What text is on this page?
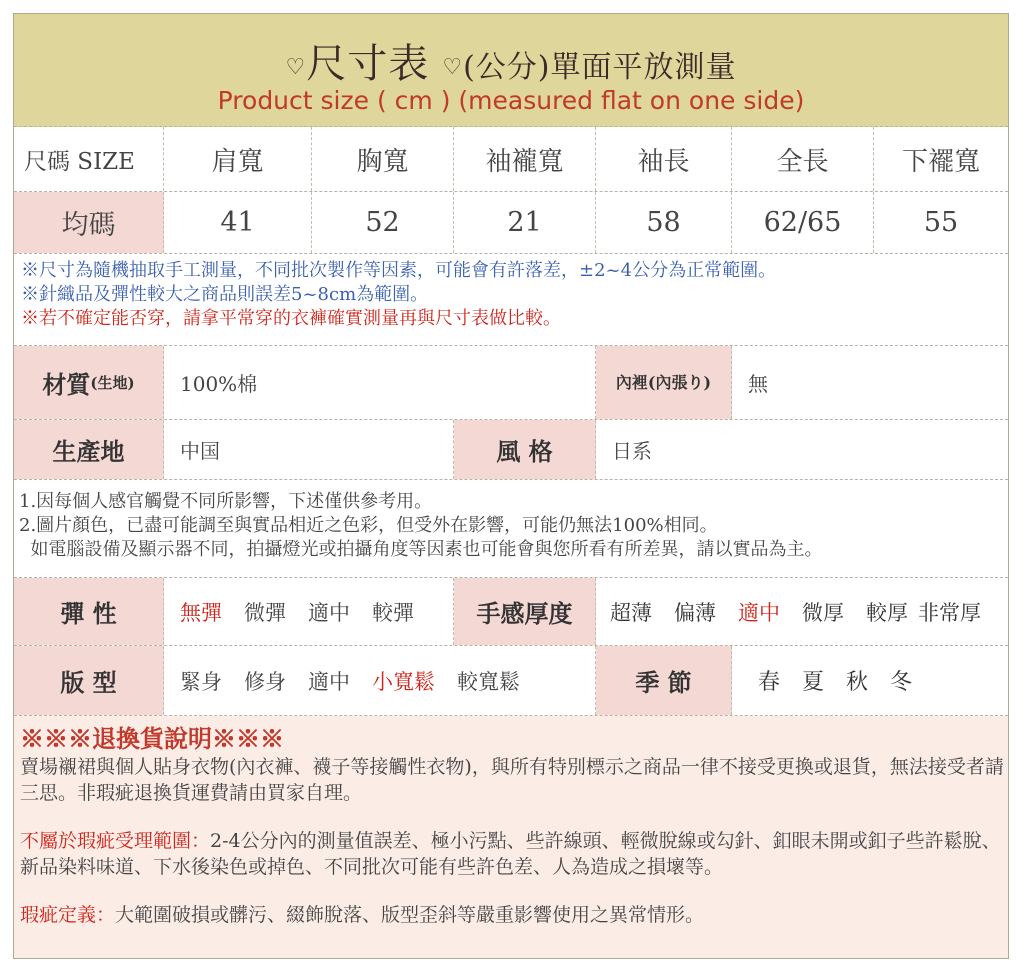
♡尺寸表 ♡(公分)單面平放測量
Product size ( cm ) (measured flat on one side)
尺碼 SIZE	肩寬	胸寬	袖襱寬	袖長	全長	下襬寬
均碼	41	52	21	58	62/65	55
※尺寸為隨機抽取手工測量，不同批次製作等因素，可能會有許落差，±2~4公分為正常範圍。
※針織品及彈性較大之商品則誤差5~8cm為範圍。
※若不確定能否穿，請拿平常穿的衣褲確實測量再與尺寸表做比較。
材質 (生地)	100%棉	內裡(內張り)	無
生產地	中国	風 格	日系
1.因每個人感官觸覺不同所影響，下述僅供參考用。
2.圖片顏色，已盡可能調至與實品相近之色彩，但受外在影響，可能仍無法100%相同。
如電腦設備及顯示器不同，拍攝燈光或拍攝角度等因素也可能會與您所看有所差異，請以實品為主。
彈 性	無彈 微彈 適中 較彈	手感厚度	超薄 偏薄 適中 微厚 較厚 非常厚
版 型	緊身 修身 適中 小寬鬆 較寬鬆	季 節	春 夏 秋 冬
※※※退換貨說明※※※
賣場襯裙與個人貼身衣物(內衣褲、襪子等接觸性衣物)，與所有特別標示之商品一律不接受更換或退貨，無法接受者請三思。非瑕疵退換貨運費請由買家自理。
不屬於瑕疵受理範圍：2-4公分內的測量值誤差、極小污點、些許線頭、輕微脫線或勾針、釦眼未開或釦子些許鬆脫、新品染料味道、下水後染色或掉色、不同批次可能有些許色差、人為造成之損壞等。
瑕疵定義：大範圍破損或髒污、綴飾脫落、版型歪斜等嚴重影響使用之異常情形。
